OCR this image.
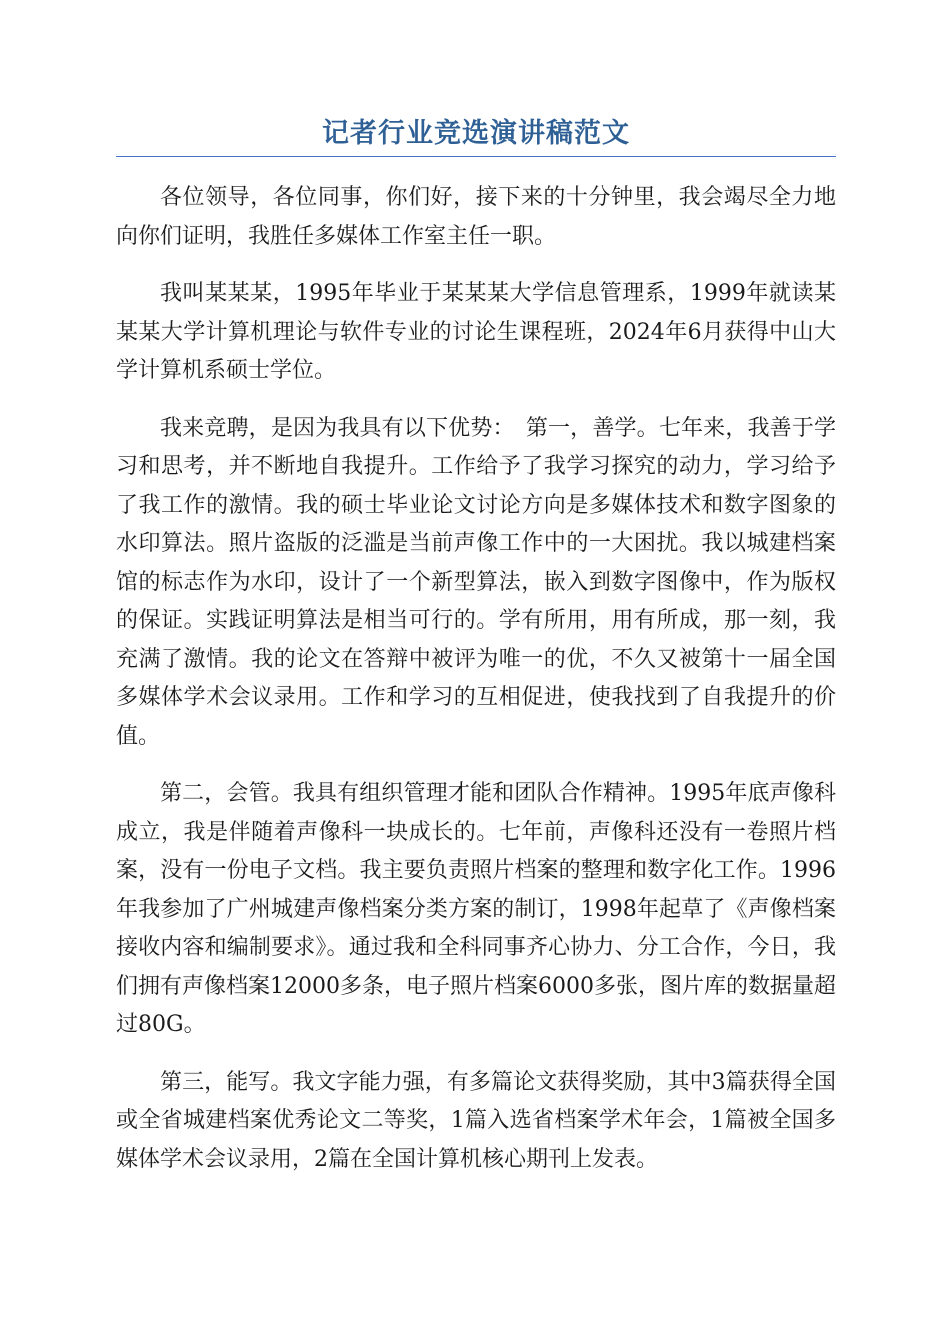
记者行业竞选演讲稿范文

各位领导，各位同事，你们好，接下来的十分钟里，我会竭尽全力地向你们证明，我胜任多媒体工作室主任一职。

我叫某某某，1995年毕业于某某某大学信息管理系，1999年就读某某某大学计算机理论与软件专业的讨论生课程班，2024年6月获得中山大学计算机系硕士学位。

我来竞聘，是因为我具有以下优势：　第一，善学。七年来，我善于学习和思考，并不断地自我提升。工作给予了我学习探究的动力，学习给予了我工作的激情。我的硕士毕业论文讨论方向是多媒体技术和数字图象的水印算法。照片盗版的泛滥是当前声像工作中的一大困扰。我以城建档案馆的标志作为水印，设计了一个新型算法，嵌入到数字图像中，作为版权的保证。实践证明算法是相当可行的。学有所用，用有所成，那一刻，我充满了激情。我的论文在答辩中被评为唯一的优，不久又被第十一届全国多媒体学术会议录用。工作和学习的互相促进，使我找到了自我提升的价值。

第二，会管。我具有组织管理才能和团队合作精神。1995年底声像科成立，我是伴随着声像科一块成长的。七年前，声像科还没有一卷照片档案，没有一份电子文档。我主要负责照片档案的整理和数字化工作。1996年我参加了广州城建声像档案分类方案的制订，1998年起草了《声像档案接收内容和编制要求》。通过我和全科同事齐心协力、分工合作，今日，我们拥有声像档案12000多条，电子照片档案6000多张，图片库的数据量超过80G。

第三，能写。我文字能力强，有多篇论文获得奖励，其中3篇获得全国或全省城建档案优秀论文二等奖，1篇入选省档案学术年会，1篇被全国多媒体学术会议录用，2篇在全国计算机核心期刊上发表。
